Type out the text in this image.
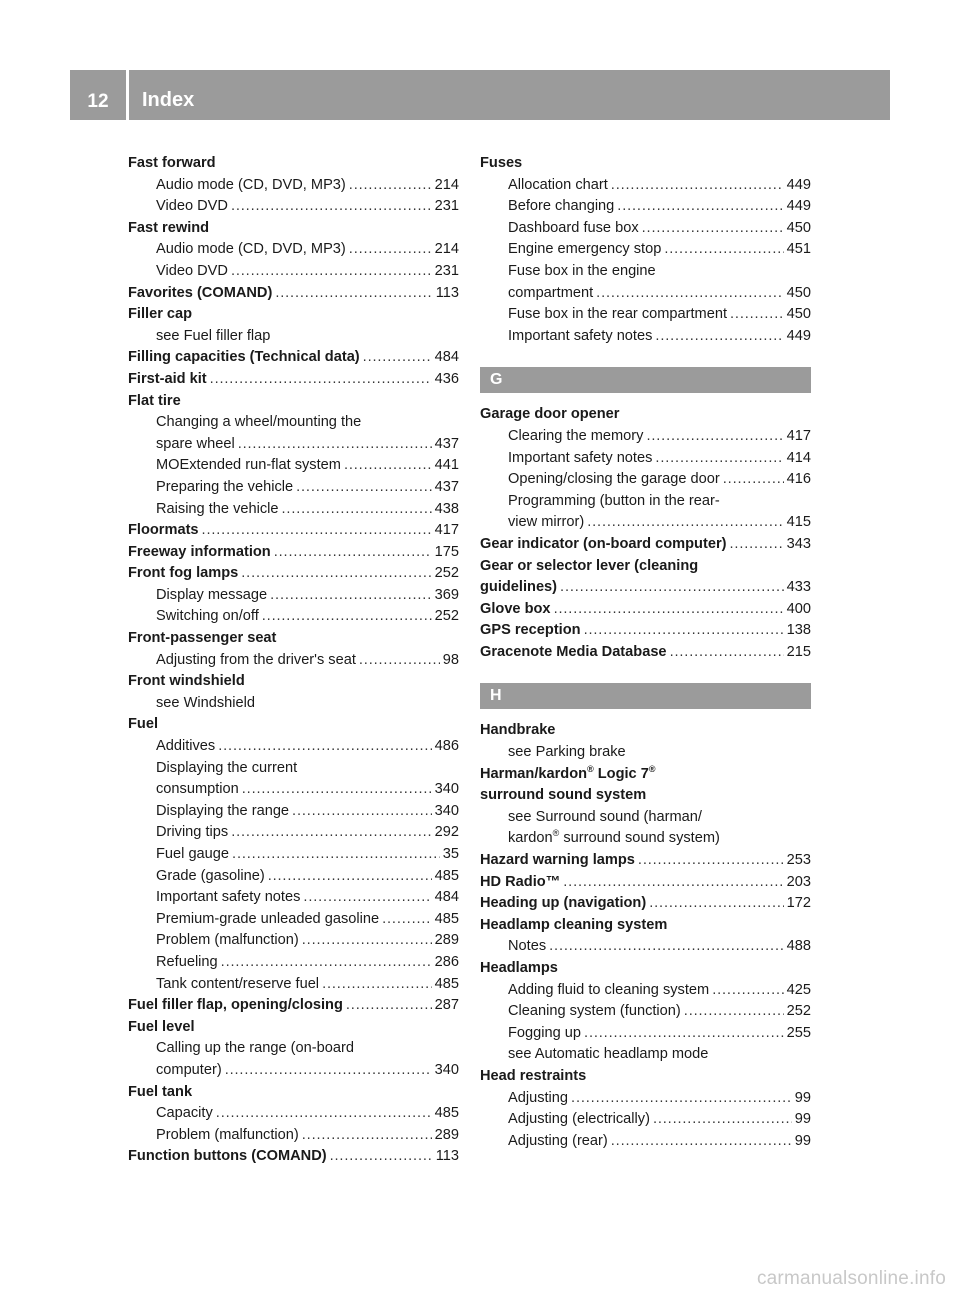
12	Index
Fast forward
Audio mode (CD, DVD, MP3) . . .	214
Video DVD . . .	231
Fast rewind
Audio mode (CD, DVD, MP3) . . .	214
Video DVD . . .	231
Favorites (COMAND) . . .	113
Filler cap
see Fuel filler flap
Filling capacities (Technical data) . . .	484
First-aid kit . . .	436
Flat tire
Changing a wheel/mounting the
spare wheel . . .	437
MOExtended run-flat system . . .	441
Preparing the vehicle . . .	437
Raising the vehicle . . .	438
Floormats . . .	417
Freeway information . . .	175
Front fog lamps . . .	252
Display message . . .	369
Switching on/off . . .	252
Front-passenger seat
Adjusting from the driver's seat . . .	98
Front windshield
see Windshield
Fuel
Additives . . .	486
Displaying the current
consumption . . .	340
Displaying the range . . .	340
Driving tips . . .	292
Fuel gauge . . .	35
Grade (gasoline) . . .	485
Important safety notes . . .	484
Premium-grade unleaded gasoline . . .	485
Problem (malfunction) . . .	289
Refueling . . .	286
Tank content/reserve fuel . . .	485
Fuel filler flap, opening/closing . . .	287
Fuel level
Calling up the range (on-board
computer) . . .	340
Fuel tank
Capacity . . .	485
Problem (malfunction) . . .	289
Function buttons (COMAND) . . .	113
Fuses
Allocation chart . . .	449
Before changing . . .	449
Dashboard fuse box . . .	450
Engine emergency stop . . .	451
Fuse box in the engine
compartment . . .	450
Fuse box in the rear compartment . . .	450
Important safety notes . . .	449
G
Garage door opener
Clearing the memory . . .	417
Important safety notes . . .	414
Opening/closing the garage door . . .	416
Programming (button in the rear-
view mirror) . . .	415
Gear indicator (on-board computer) . . .	343
Gear or selector lever (cleaning
guidelines) . . .	433
Glove box . . .	400
GPS reception . . .	138
Gracenote Media Database . . .	215
H
Handbrake
see Parking brake
Harman/kardon® Logic 7®
surround sound system
see Surround sound (harman/
kardon® surround sound system)
Hazard warning lamps . . .	253
HD Radio™ . . .	203
Heading up (navigation) . . .	172
Headlamp cleaning system
Notes . . .	488
Headlamps
Adding fluid to cleaning system . . .	425
Cleaning system (function) . . .	252
Fogging up . . .	255
see Automatic headlamp mode
Head restraints
Adjusting . . .	99
Adjusting (electrically) . . .	99
Adjusting (rear) . . .	99
carmanualsonline.info
